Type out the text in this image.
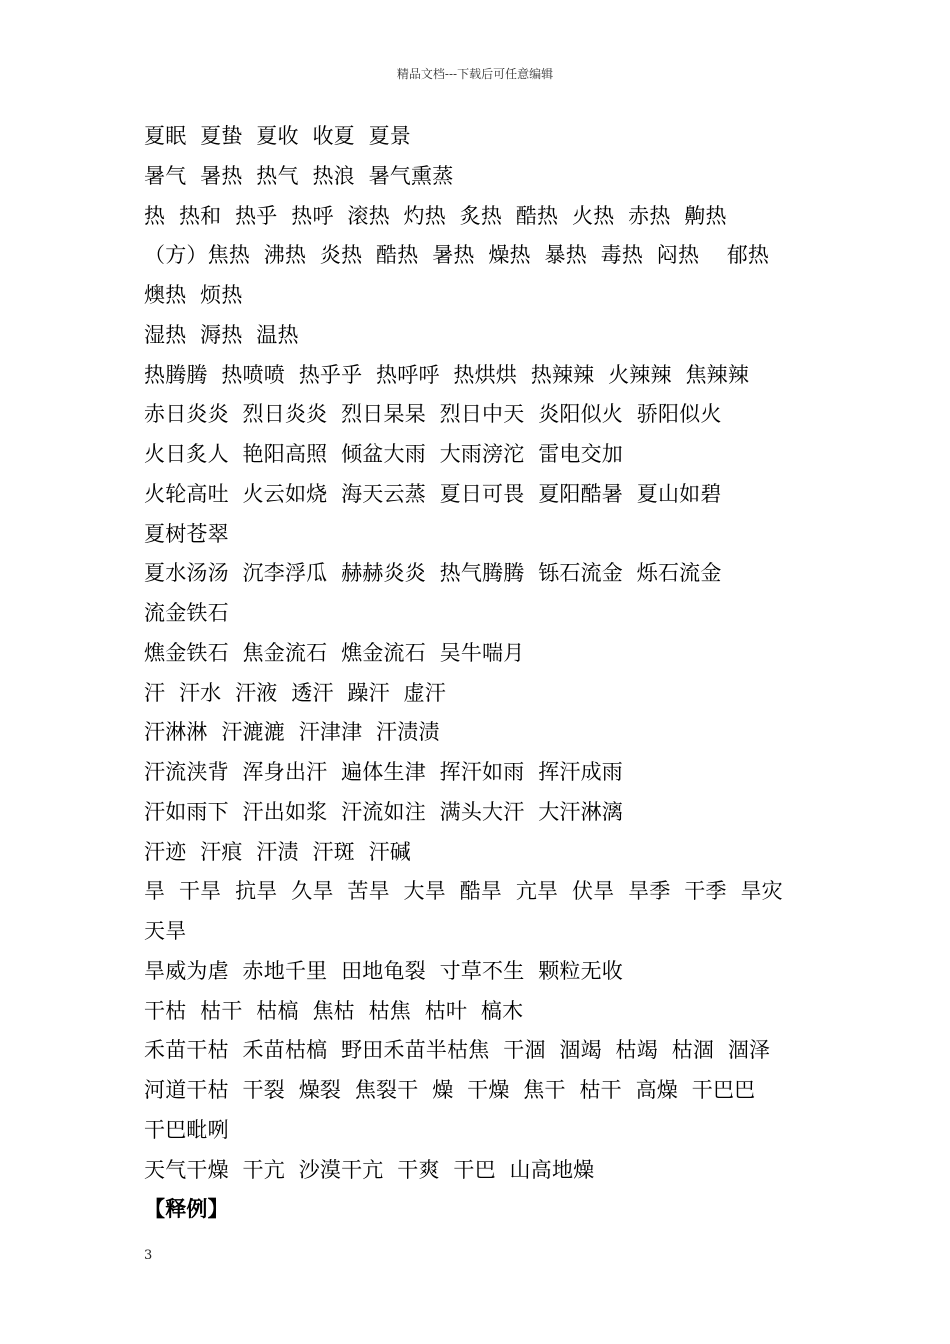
精品文档---下载后可任意编辑
夏眠  夏蛰  夏收  收夏  夏景
暑气  暑热  热气  热浪  暑气熏蒸
热  热和  热乎  热呼  滚热  灼热  炙热  酷热  火热  赤热  齁热
（方）焦热  沸热  炎热  酷热  暑热  燥热  暴热  毒热  闷热    郁热
燠热  烦热
湿热  溽热  温热
热腾腾  热喷喷  热乎乎  热呼呼  热烘烘  热辣辣  火辣辣  焦辣辣
赤日炎炎  烈日炎炎  烈日杲杲  烈日中天  炎阳似火  骄阳似火
火日炙人  艳阳高照  倾盆大雨  大雨滂沱  雷电交加
火轮高吐  火云如烧  海天云蒸  夏日可畏  夏阳酷暑  夏山如碧
夏树苍翠
夏水汤汤  沉李浮瓜  赫赫炎炎  热气腾腾  铄石流金  烁石流金
流金铁石
燋金铁石  焦金流石  燋金流石  吴牛喘月
汗  汗水  汗液  透汗  躁汗  虚汗
汗淋淋  汗漉漉  汗津津  汗渍渍
汗流浃背  浑身出汗  遍体生津  挥汗如雨  挥汗成雨
汗如雨下  汗出如浆  汗流如注  满头大汗  大汗淋漓
汗迹  汗痕  汗渍  汗斑  汗碱
旱  干旱  抗旱  久旱  苦旱  大旱  酷旱  亢旱  伏旱  旱季  干季  旱灾
天旱
旱威为虐  赤地千里  田地龟裂  寸草不生  颗粒无收
干枯  枯干  枯槁  焦枯  枯焦  枯叶  槁木
禾苗干枯  禾苗枯槁  野田禾苗半枯焦  干涸  涸竭  枯竭  枯涸  涸泽
河道干枯  干裂  燥裂  焦裂干  燥  干燥  焦干  枯干  高燥  干巴巴
干巴毗咧
天气干燥  干亢  沙漠干亢  干爽  干巴  山高地燥
【释例】
3
